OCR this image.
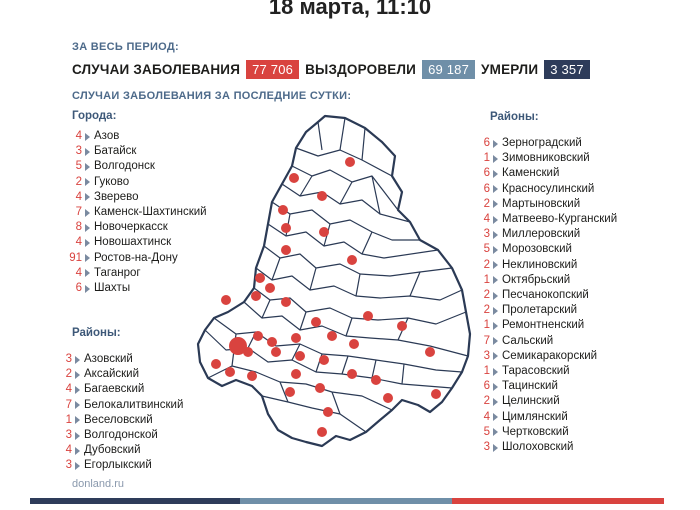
18 марта, 11:10
ЗА ВЕСЬ ПЕРИОД:
СЛУЧАИ ЗАБОЛЕВАНИЯ 77 706 ВЫЗДОРОВЕЛИ 69 187 УМЕРЛИ 3 357
СЛУЧАИ ЗАБОЛЕВАНИЯ ЗА ПОСЛЕДНИЕ СУТКИ:
Города:
4 Азов
3 Батайск
5 Волгодонск
2 Гуково
4 Зверево
7 Каменск-Шахтинский
8 Новочеркасск
4 Новошахтинск
91 Ростов-на-Дону
4 Таганрог
6 Шахты
Районы:
3 Азовский
2 Аксайский
4 Багаевский
7 Белокалитвинский
1 Веселовский
3 Волгодонской
4 Дубовский
3 Егорлыкский
Районы:
6 Зерноградский
1 Зимовниковский
6 Каменский
6 Красносулинский
2 Мартыновский
4 Матвеево-Курганский
3 Миллеровский
5 Морозовский
2 Неклиновский
1 Октябрьский
2 Песчанокопский
2 Пролетарский
1 Ремонтненский
7 Сальский
3 Семикаракорский
1 Тарасовский
6 Тацинский
2 Целинский
4 Цимлянский
5 Чертковский
3 Шолоховский
donland.ru
